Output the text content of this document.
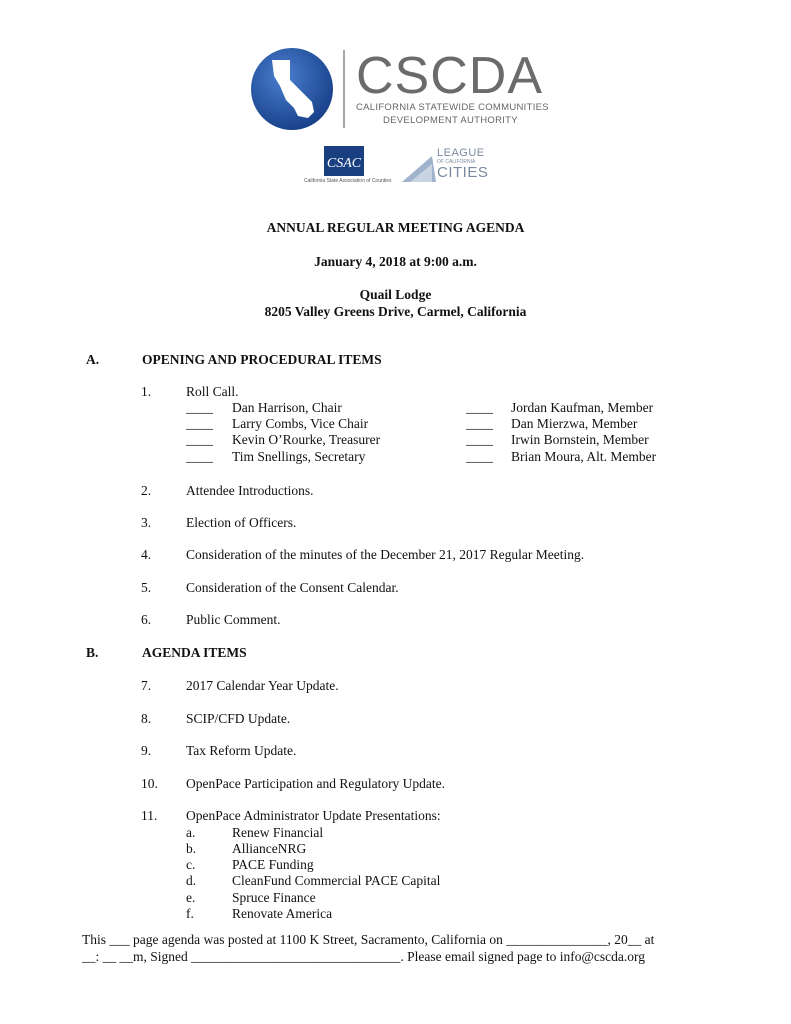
CSCDA
CALIFORNIA STATEWIDE COMMUNITIES
DEVELOPMENT AUTHORITY
CSAC
California State Association of Counties
LEAGUE
OF CALIFORNIA
CITIES
ANNUAL REGULAR MEETING AGENDA
January 4, 2018 at 9:00 a.m.
Quail Lodge
8205 Valley Greens Drive, Carmel, California
A.	OPENING AND PROCEDURAL ITEMS
1.	Roll Call.
____ Dan Harrison, Chair
____ Larry Combs, Vice Chair
____ Kevin O’Rourke, Treasurer
____ Tim Snellings, Secretary
____ Jordan Kaufman, Member
____ Dan Mierzwa, Member
____ Irwin Bornstein, Member
____ Brian Moura, Alt. Member
2.	Attendee Introductions.
3.	Election of Officers.
4.	Consideration of the minutes of the December 21, 2017 Regular Meeting.
5.	Consideration of the Consent Calendar.
6.	Public Comment.
B.	AGENDA ITEMS
7.	2017 Calendar Year Update.
8.	SCIP/CFD Update.
9.	Tax Reform Update.
10. OpenPace Participation and Regulatory Update.
11. OpenPace Administrator Update Presentations:
a.	Renew Financial
b.	AllianceNRG
c.	PACE Funding
d.	CleanFund Commercial PACE Capital
e.	Spruce Finance
f.	Renovate America
This ___ page agenda was posted at 1100 K Street, Sacramento, California on _______________, 20__ at
__: __ __m, Signed _______________________________. Please email signed page to info@cscda.org
